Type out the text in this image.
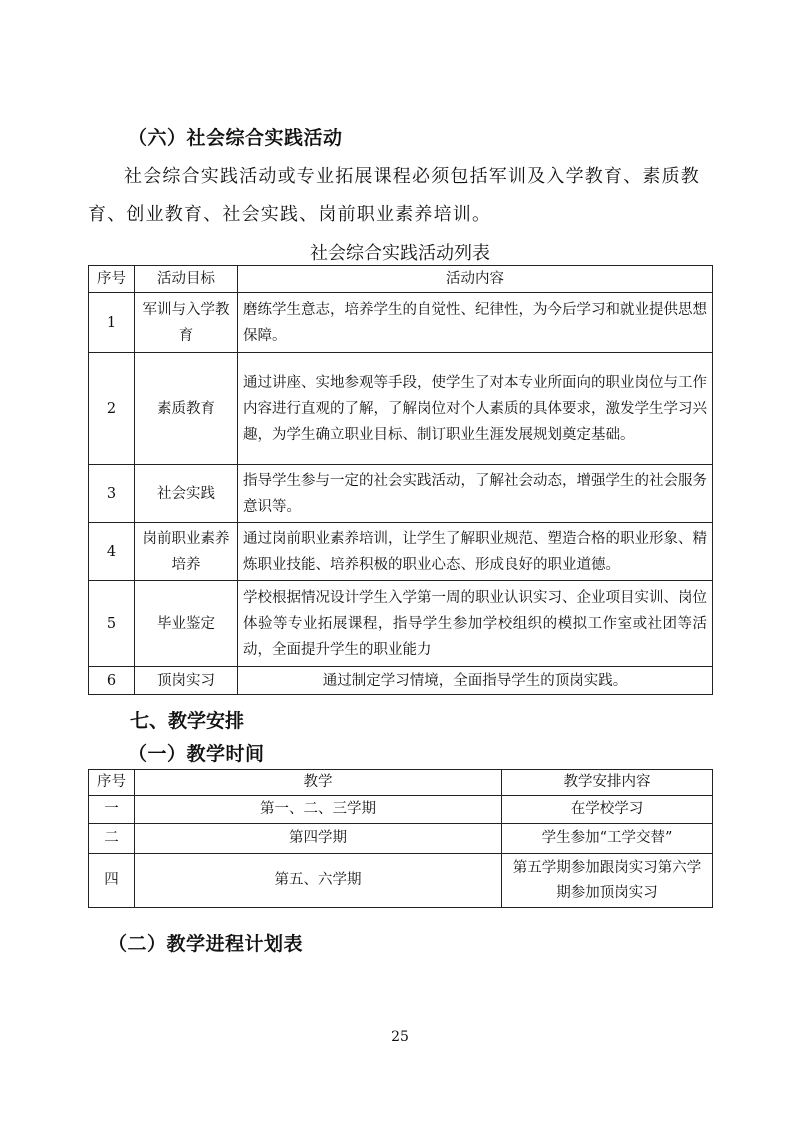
（六）社会综合实践活动
社会综合实践活动或专业拓展课程必须包括军训及入学教育、素质教育、创业教育、社会实践、岗前职业素养培训。
社会综合实践活动列表
序号	活动目标	活动内容
1	军训与入学教育	磨练学生意志，培养学生的自觉性、纪律性，为今后学习和就业提供思想保障。
2	素质教育	通过讲座、实地参观等手段，使学生了对本专业所面向的职业岗位与工作内容进行直观的了解，了解岗位对个人素质的具体要求，激发学生学习兴趣，为学生确立职业目标、制订职业生涯发展规划奠定基础。
3	社会实践	指导学生参与一定的社会实践活动，了解社会动态，增强学生的社会服务意识等。
4	岗前职业素养培养	通过岗前职业素养培训，让学生了解职业规范、塑造合格的职业形象、精炼职业技能、培养积极的职业心态、形成良好的职业道德。
5	毕业鉴定	学校根据情况设计学生入学第一周的职业认识实习、企业项目实训、岗位体验等专业拓展课程，指导学生参加学校组织的模拟工作室或社团等活动，全面提升学生的职业能力
6	顶岗实习	通过制定学习情境，全面指导学生的顶岗实践。
七、教学安排
（一）教学时间
序号	教学	教学安排内容
一	第一、二、三学期	在学校学习
二	第四学期	学生参加“工学交替”
四	第五、六学期	第五学期参加跟岗实习第六学期参加顶岗实习
（二）教学进程计划表
25
